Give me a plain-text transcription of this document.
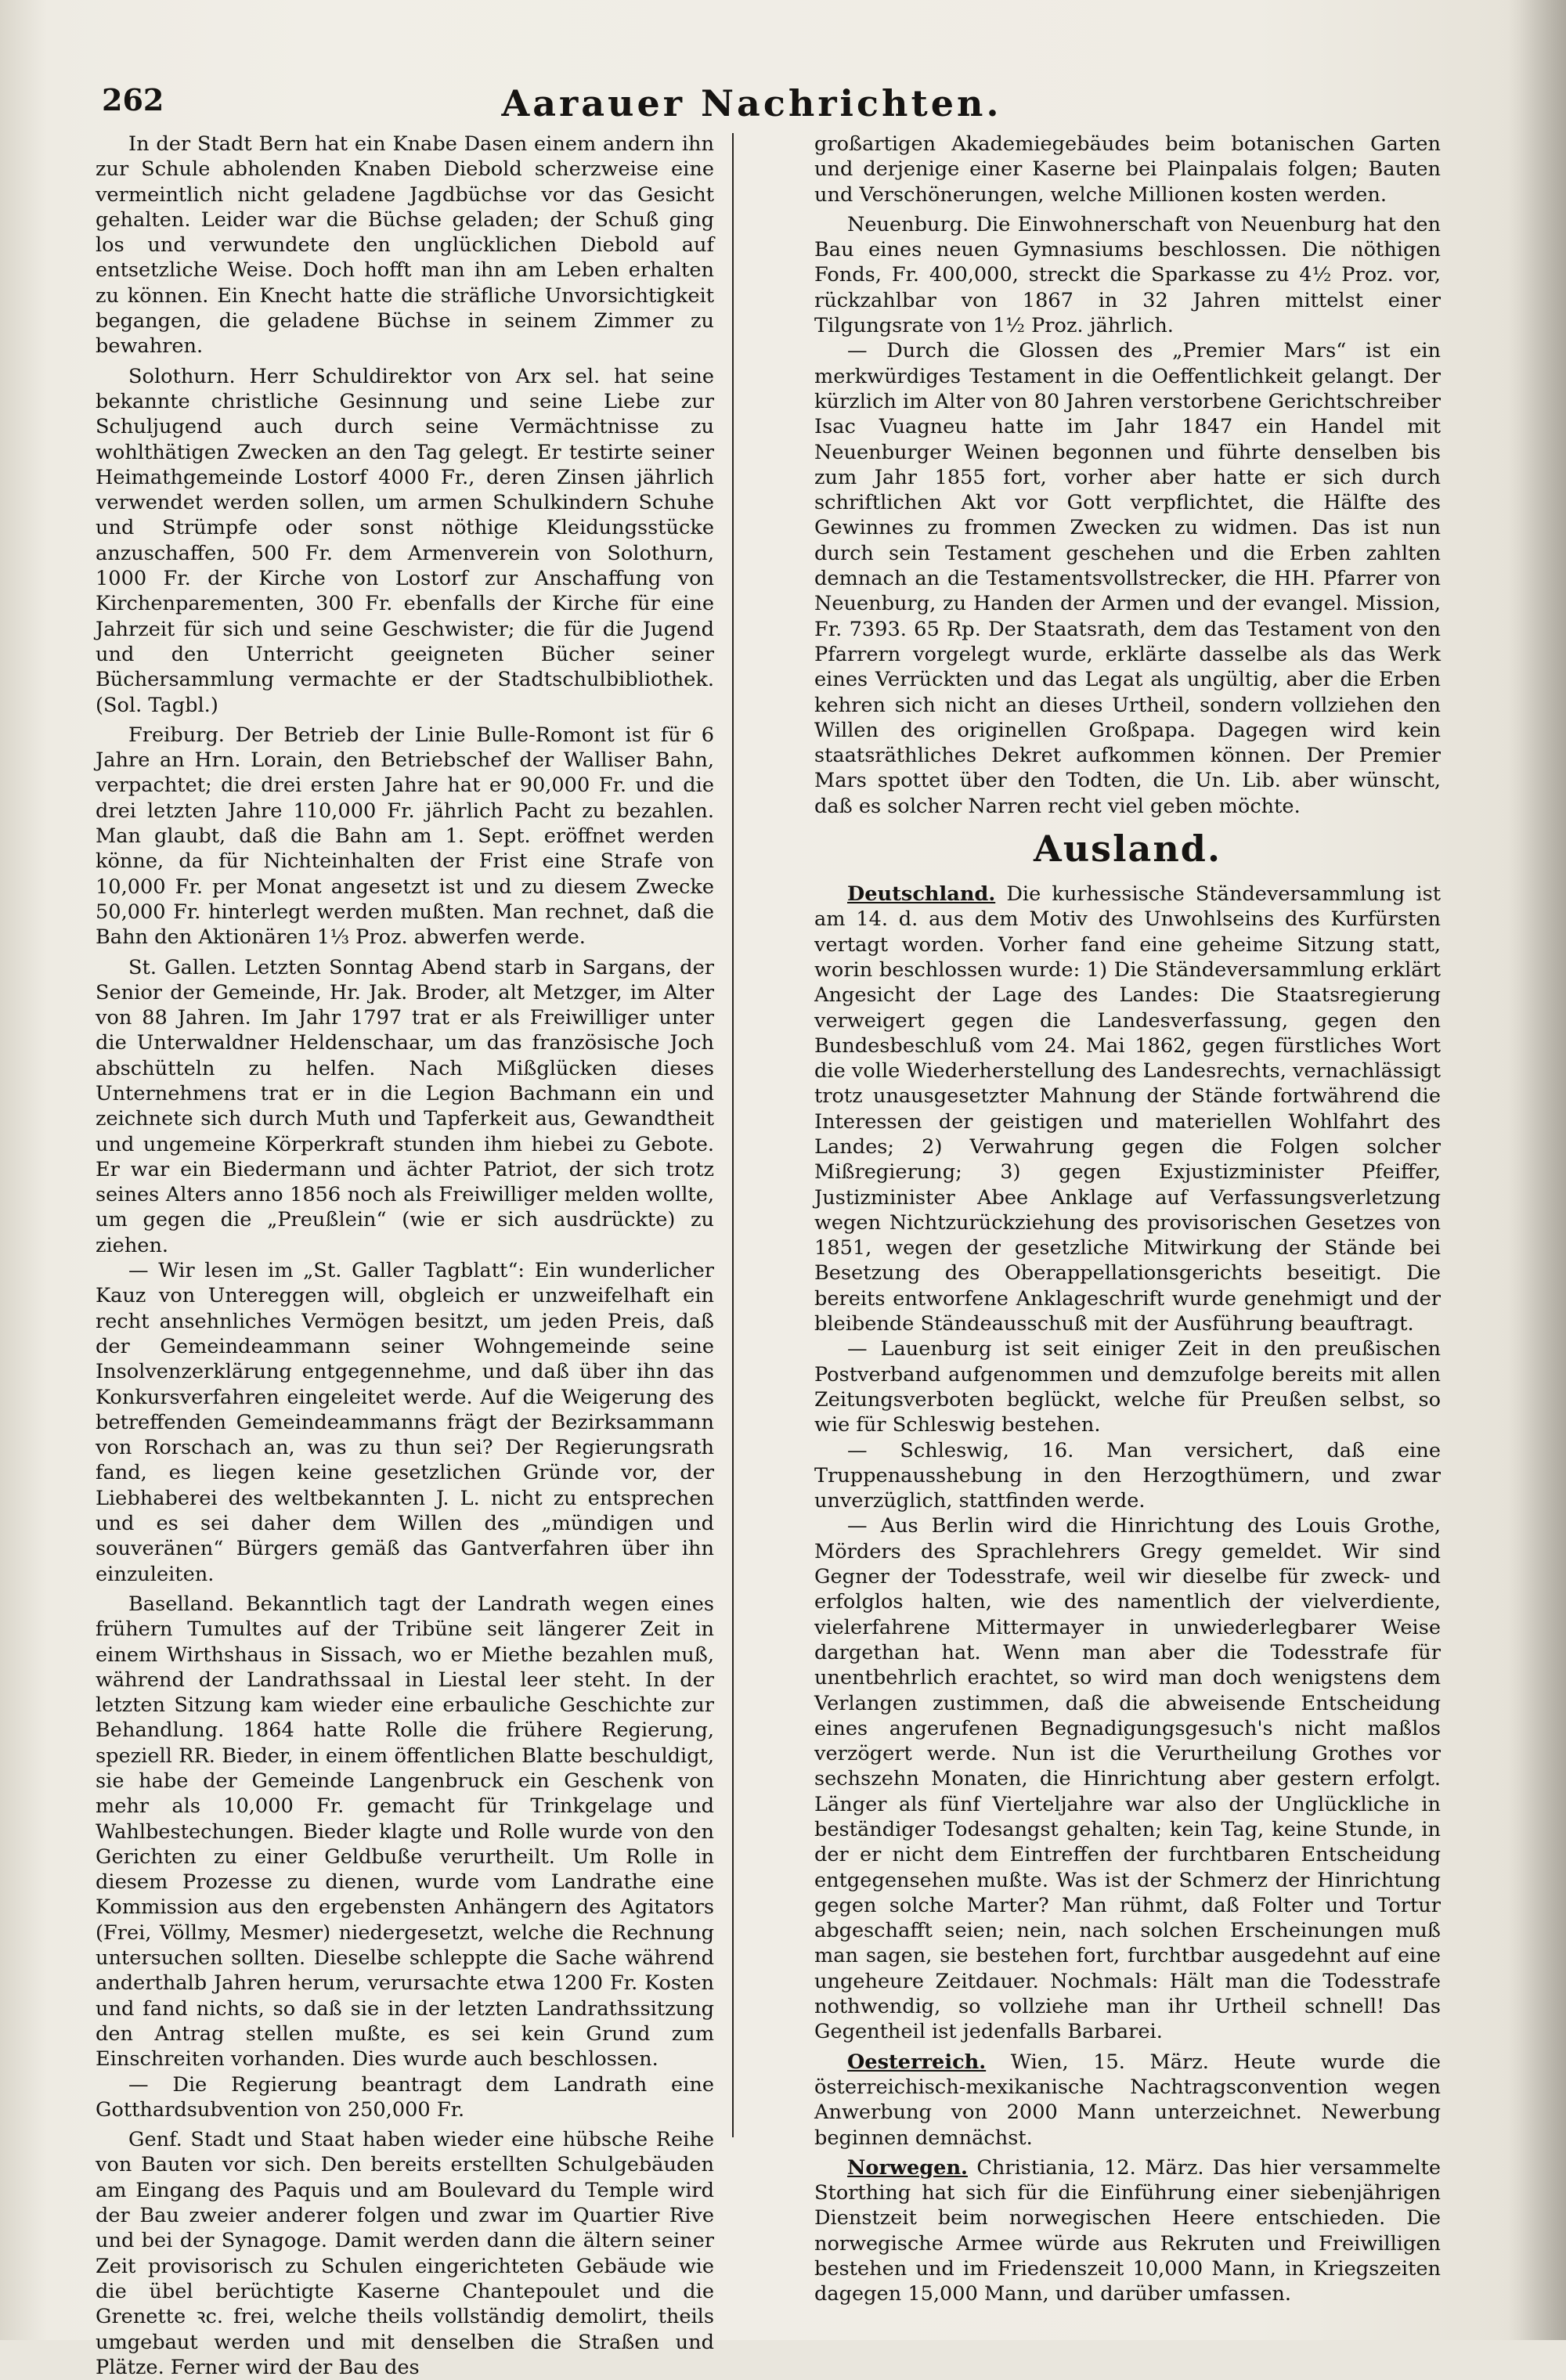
262	Aarauer Nachrichten.

In der Stadt Bern hat ein Knabe Dasen einem andern ihn zur Schule abholenden Knaben Diebold scherzweise eine vermeintlich nicht geladene Jagdbüchse vor das Gesicht gehalten. Leider war die Büchse geladen; der Schuß ging los und verwundete den unglücklichen Diebold auf entsetzliche Weise. Doch hofft man ihn am Leben erhalten zu können. Ein Knecht hatte die sträfliche Unvorsichtigkeit begangen, die geladene Büchse in seinem Zimmer zu bewahren.

Solothurn. Herr Schuldirektor von Arx sel. hat seine bekannte christliche Gesinnung und seine Liebe zur Schuljugend auch durch seine Vermächtnisse zu wohlthätigen Zwecken an den Tag gelegt. Er testirte seiner Heimathgemeinde Lostorf 4000 Fr., deren Zinsen jährlich verwendet werden sollen, um armen Schulkindern Schuhe und Strümpfe oder sonst nöthige Kleidungsstücke anzuschaffen, 500 Fr. dem Armenverein von Solothurn, 1000 Fr. der Kirche von Lostorf zur Anschaffung von Kirchenparementen, 300 Fr. ebenfalls der Kirche für eine Jahrzeit für sich und seine Geschwister; die für die Jugend und den Unterricht geeigneten Bücher seiner Büchersammlung vermachte er der Stadtschulbibliothek. (Sol. Tagbl.)

Freiburg. Der Betrieb der Linie Bulle-Romont ist für 6 Jahre an Hrn. Lorain, den Betriebschef der Walliser Bahn, verpachtet; die drei ersten Jahre hat er 90,000 Fr. und die drei letzten Jahre 110,000 Fr. jährlich Pacht zu bezahlen. Man glaubt, daß die Bahn am 1. Sept. eröffnet werden könne, da für Nichteinhalten der Frist eine Strafe von 10,000 Fr. per Monat angesetzt ist und zu diesem Zwecke 50,000 Fr. hinterlegt werden mußten. Man rechnet, daß die Bahn den Aktionären 1⅓ Proz. abwerfen werde.

St. Gallen. Letzten Sonntag Abend starb in Sargans, der Senior der Gemeinde, Hr. Jak. Broder, alt Metzger, im Alter von 88 Jahren. Im Jahr 1797 trat er als Freiwilliger unter die Unterwaldner Heldenschaar, um das französische Joch abschütteln zu helfen. Nach Mißglücken dieses Unternehmens trat er in die Legion Bachmann ein und zeichnete sich durch Muth und Tapferkeit aus, Gewandtheit und ungemeine Körperkraft stunden ihm hiebei zu Gebote. Er war ein Biedermann und ächter Patriot, der sich trotz seines Alters anno 1856 noch als Freiwilliger melden wollte, um gegen die „Preußlein“ (wie er sich ausdrückte) zu ziehen.

— Wir lesen im „St. Galler Tagblatt“: Ein wunderlicher Kauz von Untereggen will, obgleich er unzweifelhaft ein recht ansehnliches Vermögen besitzt, um jeden Preis, daß der Gemeindeammann seiner Wohngemeinde seine Insolvenzerklärung entgegennehme, und daß über ihn das Konkursverfahren eingeleitet werde. Auf die Weigerung des betreffenden Gemeindeammanns frägt der Bezirksammann von Rorschach an, was zu thun sei? Der Regierungsrath fand, es liegen keine gesetzlichen Gründe vor, der Liebhaberei des weltbekannten J. L. nicht zu entsprechen und es sei daher dem Willen des „mündigen und souveränen“ Bürgers gemäß das Gantverfahren über ihn einzuleiten.

Baselland. Bekanntlich tagt der Landrath wegen eines frühern Tumultes auf der Tribüne seit längerer Zeit in einem Wirthshaus in Sissach, wo er Miethe bezahlen muß, während der Landrathssaal in Liestal leer steht. In der letzten Sitzung kam wieder eine erbauliche Geschichte zur Behandlung. 1864 hatte Rolle die frühere Regierung, speziell RR. Bieder, in einem öffentlichen Blatte beschuldigt, sie habe der Gemeinde Langenbruck ein Geschenk von mehr als 10,000 Fr. gemacht für Trinkgelage und Wahlbestechungen. Bieder klagte und Rolle wurde von den Gerichten zu einer Geldbuße verurtheilt. Um Rolle in diesem Prozesse zu dienen, wurde vom Landrathe eine Kommission aus den ergebensten Anhängern des Agitators (Frei, Völlmy, Mesmer) niedergesetzt, welche die Rechnung untersuchen sollten. Dieselbe schleppte die Sache während anderthalb Jahren herum, verursachte etwa 1200 Fr. Kosten und fand nichts, so daß sie in der letzten Landrathssitzung den Antrag stellen mußte, es sei kein Grund zum Einschreiten vorhanden. Dies wurde auch beschlossen.

— Die Regierung beantragt dem Landrath eine Gotthardsubvention von 250,000 Fr.

Genf. Stadt und Staat haben wieder eine hübsche Reihe von Bauten vor sich. Den bereits erstellten Schulgebäuden am Eingang des Paquis und am Boulevard du Temple wird der Bau zweier anderer folgen und zwar im Quartier Rive und bei der Synagoge. Damit werden dann die ältern seiner Zeit provisorisch zu Schulen eingerichteten Gebäude wie die übel berüchtigte Kaserne Chantepoulet und die Grenette ꝛc. frei, welche theils vollständig demolirt, theils umgebaut werden und mit denselben die Straßen und Plätze. Ferner wird der Bau des

großartigen Akademiegebäudes beim botanischen Garten und derjenige einer Kaserne bei Plainpalais folgen; Bauten und Verschönerungen, welche Millionen kosten werden.

Neuenburg. Die Einwohnerschaft von Neuenburg hat den Bau eines neuen Gymnasiums beschlossen. Die nöthigen Fonds, Fr. 400,000, streckt die Sparkasse zu 4½ Proz. vor, rückzahlbar von 1867 in 32 Jahren mittelst einer Tilgungsrate von 1½ Proz. jährlich.

— Durch die Glossen des „Premier Mars“ ist ein merkwürdiges Testament in die Oeffentlichkeit gelangt. Der kürzlich im Alter von 80 Jahren verstorbene Gerichtschreiber Isac Vuagneu hatte im Jahr 1847 ein Handel mit Neuenburger Weinen begonnen und führte denselben bis zum Jahr 1855 fort, vorher aber hatte er sich durch schriftlichen Akt vor Gott verpflichtet, die Hälfte des Gewinnes zu frommen Zwecken zu widmen. Das ist nun durch sein Testament geschehen und die Erben zahlten demnach an die Testamentsvollstrecker, die HH. Pfarrer von Neuenburg, zu Handen der Armen und der evangel. Mission, Fr. 7393. 65 Rp. Der Staatsrath, dem das Testament von den Pfarrern vorgelegt wurde, erklärte dasselbe als das Werk eines Verrückten und das Legat als ungültig, aber die Erben kehren sich nicht an dieses Urtheil, sondern vollziehen den Willen des originellen Großpapa. Dagegen wird kein staatsräthliches Dekret aufkommen können. Der Premier Mars spottet über den Todten, die Un. Lib. aber wünscht, daß es solcher Narren recht viel geben möchte.

Ausland.

Deutschland. Die kurhessische Ständeversammlung ist am 14. d. aus dem Motiv des Unwohlseins des Kurfürsten vertagt worden. Vorher fand eine geheime Sitzung statt, worin beschlossen wurde: 1) Die Ständeversammlung erklärt Angesicht der Lage des Landes: Die Staatsregierung verweigert gegen die Landesverfassung, gegen den Bundesbeschluß vom 24. Mai 1862, gegen fürstliches Wort die volle Wiederherstellung des Landesrechts, vernachlässigt trotz unausgesetzter Mahnung der Stände fortwährend die Interessen der geistigen und materiellen Wohlfahrt des Landes; 2) Verwahrung gegen die Folgen solcher Mißregierung; 3) gegen Exjustizminister Pfeiffer, Justizminister Abee Anklage auf Verfassungsverletzung wegen Nichtzurückziehung des provisorischen Gesetzes von 1851, wegen der gesetzliche Mitwirkung der Stände bei Besetzung des Oberappellationsgerichts beseitigt. Die bereits entworfene Anklageschrift wurde genehmigt und der bleibende Ständeausschuß mit der Ausführung beauftragt.

— Lauenburg ist seit einiger Zeit in den preußischen Postverband aufgenommen und demzufolge bereits mit allen Zeitungsverboten beglückt, welche für Preußen selbst, so wie für Schleswig bestehen.

— Schleswig, 16. Man versichert, daß eine Truppenausshebung in den Herzogthümern, und zwar unverzüglich, stattfinden werde.

— Aus Berlin wird die Hinrichtung des Louis Grothe, Mörders des Sprachlehrers Gregy gemeldet. Wir sind Gegner der Todesstrafe, weil wir dieselbe für zweck- und erfolglos halten, wie des namentlich der vielverdiente, vielerfahrene Mittermayer in unwiederlegbarer Weise dargethan hat. Wenn man aber die Todesstrafe für unentbehrlich erachtet, so wird man doch wenigstens dem Verlangen zustimmen, daß die abweisende Entscheidung eines angerufenen Begnadigungsgesuch's nicht maßlos verzögert werde. Nun ist die Verurtheilung Grothes vor sechszehn Monaten, die Hinrichtung aber gestern erfolgt. Länger als fünf Vierteljahre war also der Unglückliche in beständiger Todesangst gehalten; kein Tag, keine Stunde, in der er nicht dem Eintreffen der furchtbaren Entscheidung entgegensehen mußte. Was ist der Schmerz der Hinrichtung gegen solche Marter? Man rühmt, daß Folter und Tortur abgeschafft seien; nein, nach solchen Erscheinungen muß man sagen, sie bestehen fort, furchtbar ausgedehnt auf eine ungeheure Zeitdauer. Nochmals: Hält man die Todesstrafe nothwendig, so vollziehe man ihr Urtheil schnell! Das Gegentheil ist jedenfalls Barbarei.

Oesterreich. Wien, 15. März. Heute wurde die österreichisch-mexikanische Nachtragsconvention wegen Anwerbung von 2000 Mann unterzeichnet. Newerbung beginnen demnächst.

Norwegen. Christiania, 12. März. Das hier versammelte Storthing hat sich für die Einführung einer siebenjährigen Dienstzeit beim norwegischen Heere entschieden. Die norwegische Armee würde aus Rekruten und Freiwilligen bestehen und im Friedenszeit 10,000 Mann, in Kriegszeiten dagegen 15,000 Mann, und darüber umfassen.
